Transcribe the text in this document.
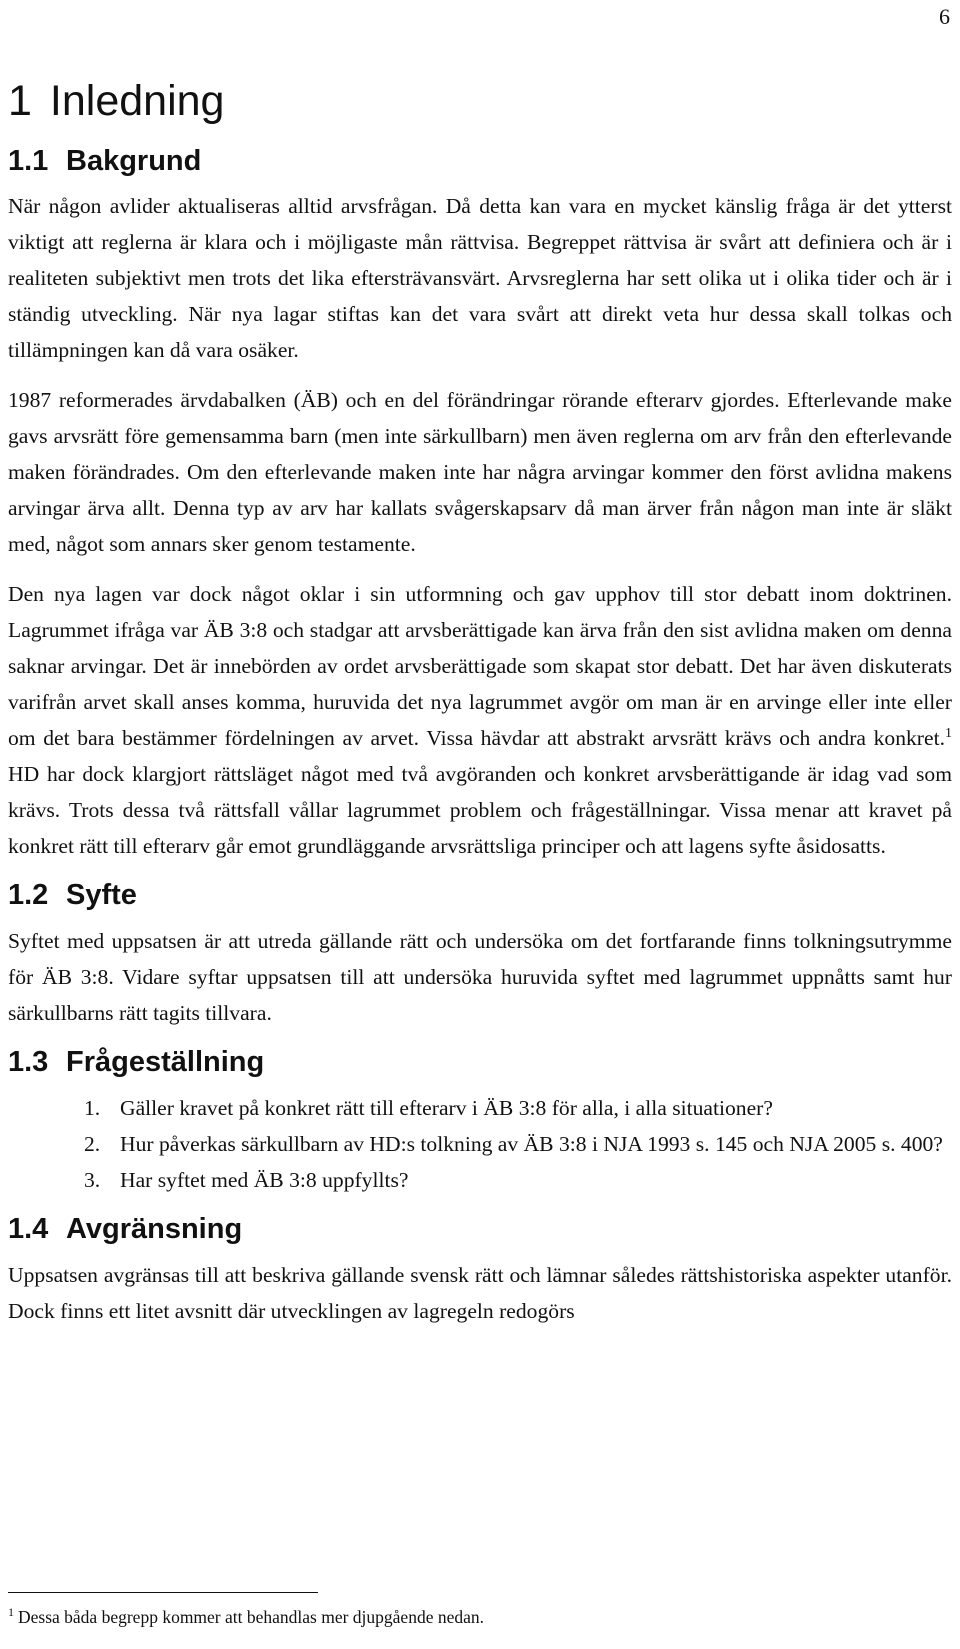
6
1 Inledning
1.1 Bakgrund

När någon avlider aktualiseras alltid arvsfrågan. Då detta kan vara en mycket känslig fråga är det ytterst viktigt att reglerna är klara och i möjligaste mån rättvisa. Begreppet rättvisa är svårt att definiera och är i realiteten subjektivt men trots det lika eftersträvansvärt. Arvsreglerna har sett olika ut i olika tider och är i ständig utveckling. När nya lagar stiftas kan det vara svårt att direkt veta hur dessa skall tolkas och tillämpningen kan då vara osäker.

1987 reformerades ärvdabalken (ÄB) och en del förändringar rörande efterarv gjordes. Efterlevande make gavs arvsrätt före gemensamma barn (men inte särkullbarn) men även reglerna om arv från den efterlevande maken förändrades. Om den efterlevande maken inte har några arvingar kommer den först avlidna makens arvingar ärva allt. Denna typ av arv har kallats svågerskapsarv då man ärver från någon man inte är släkt med, något som annars sker genom testamente.

Den nya lagen var dock något oklar i sin utformning och gav upphov till stor debatt inom doktrinen. Lagrummet ifråga var ÄB 3:8 och stadgar att arvsberättigade kan ärva från den sist avlidna maken om denna saknar arvingar. Det är innebörden av ordet arvsberättigade som skapat stor debatt. Det har även diskuterats varifrån arvet skall anses komma, huruvida det nya lagrummet avgör om man är en arvinge eller inte eller om det bara bestämmer fördelningen av arvet. Vissa hävdar att abstrakt arvsrätt krävs och andra konkret.$^1$ HD har dock klargjort rättsläget något med två avgöranden och konkret arvsberättigande är idag vad som krävs. Trots dessa två rättsfall vållar lagrummet problem och frågeställningar. Vissa menar att kravet på konkret rätt till efterarv går emot grundläggande arvsrättsliga principer och att lagens syfte åsidosatts.

1.2 Syfte

Syftet med uppsatsen är att utreda gällande rätt och undersöka om det fortfarande finns tolkningsutrymme för ÄB 3:8. Vidare syftar uppsatsen till att undersöka huruvida syftet med lagrummet uppnåtts samt hur särkullbarns rätt tagits tillvara.

1.3 Frågeställning
1. Gäller kravet på konkret rätt till efterarv i ÄB 3:8 för alla, i alla situationer?
2. Hur påverkas särkullbarn av HD:s tolkning av ÄB 3:8 i NJA 1993 s. 145 och NJA 2005 s. 400?
3. Har syftet med ÄB 3:8 uppfyllts?
1.4 Avgränsning

Uppsatsen avgränsas till att beskriva gällande svensk rätt och lämnar således rättshistoriska aspekter utanför. Dock finns ett litet avsnitt där utvecklingen av lagregeln redogörs

$^1$ Dessa båda begrepp kommer att behandlas mer djupgående nedan.
